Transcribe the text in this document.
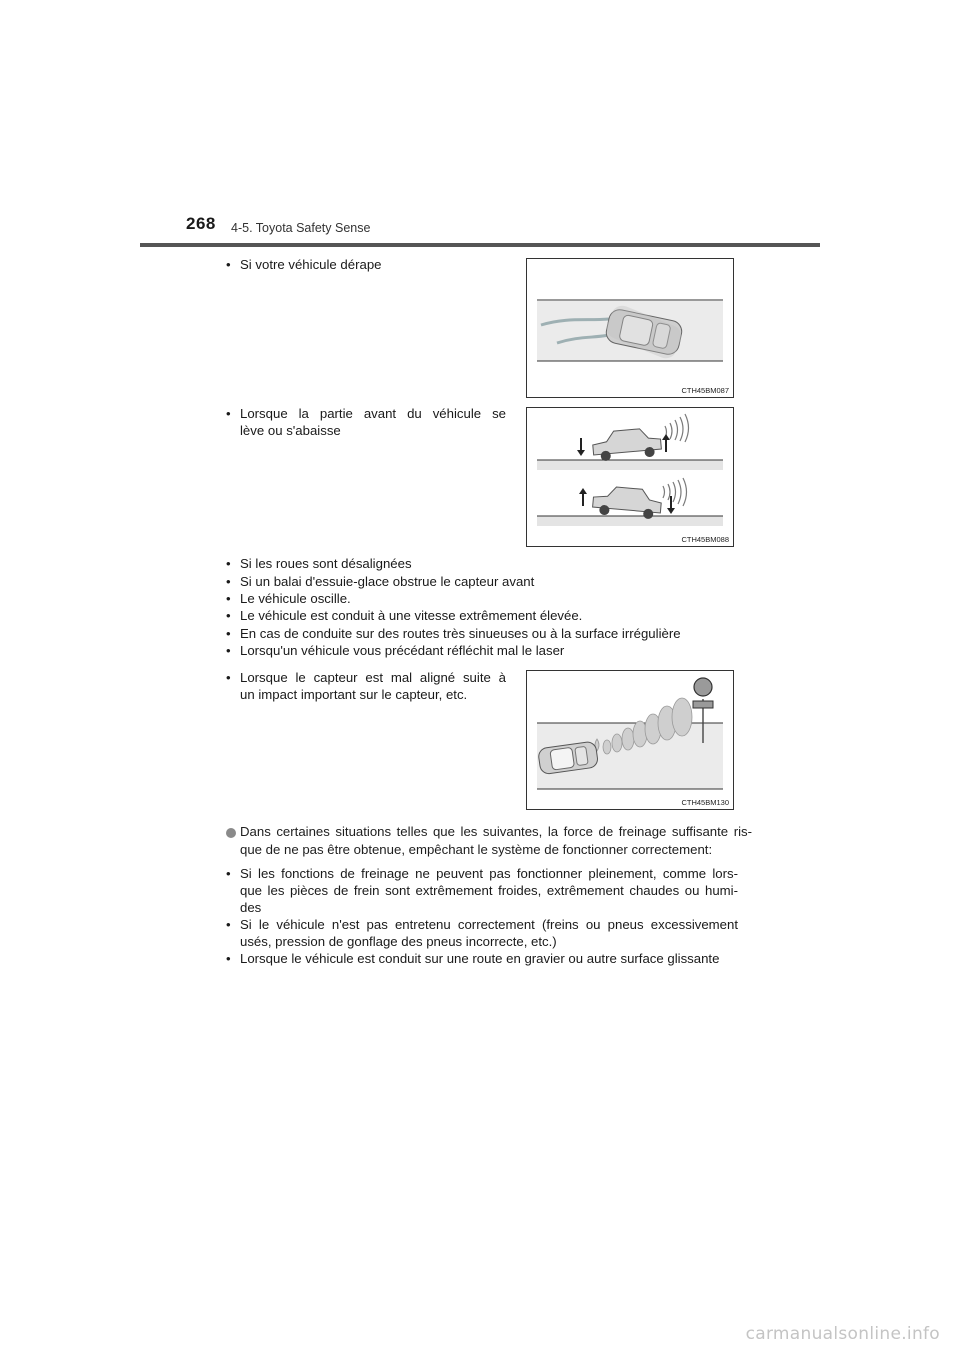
268 4-5. Toyota Safety Sense
• Si votre véhicule dérape
CTH45BM087
• Lorsque la partie avant du véhicule se
lève ou s'abaisse
CTH45BM088
• Si les roues sont désalignées
• Si un balai d'essuie-glace obstrue le capteur avant
• Le véhicule oscille.
• Le véhicule est conduit à une vitesse extrêmement élevée.
• En cas de conduite sur des routes très sinueuses ou à la surface irrégulière
• Lorsqu'un véhicule vous précédant réfléchit mal le laser
• Lorsque le capteur est mal aligné suite à
un impact important sur le capteur, etc.
CTH45BM130
Dans certaines situations telles que les suivantes, la force de freinage suffisante ris-
que de ne pas être obtenue, empêchant le système de fonctionner correctement:
• Si les fonctions de freinage ne peuvent pas fonctionner pleinement, comme lors-
que les pièces de frein sont extrêmement froides, extrêmement chaudes ou humi-
des
• Si le véhicule n'est pas entretenu correctement (freins ou pneus excessivement
usés, pression de gonflage des pneus incorrecte, etc.)
• Lorsque le véhicule est conduit sur une route en gravier ou autre surface glissante
carmanualsonline.info
